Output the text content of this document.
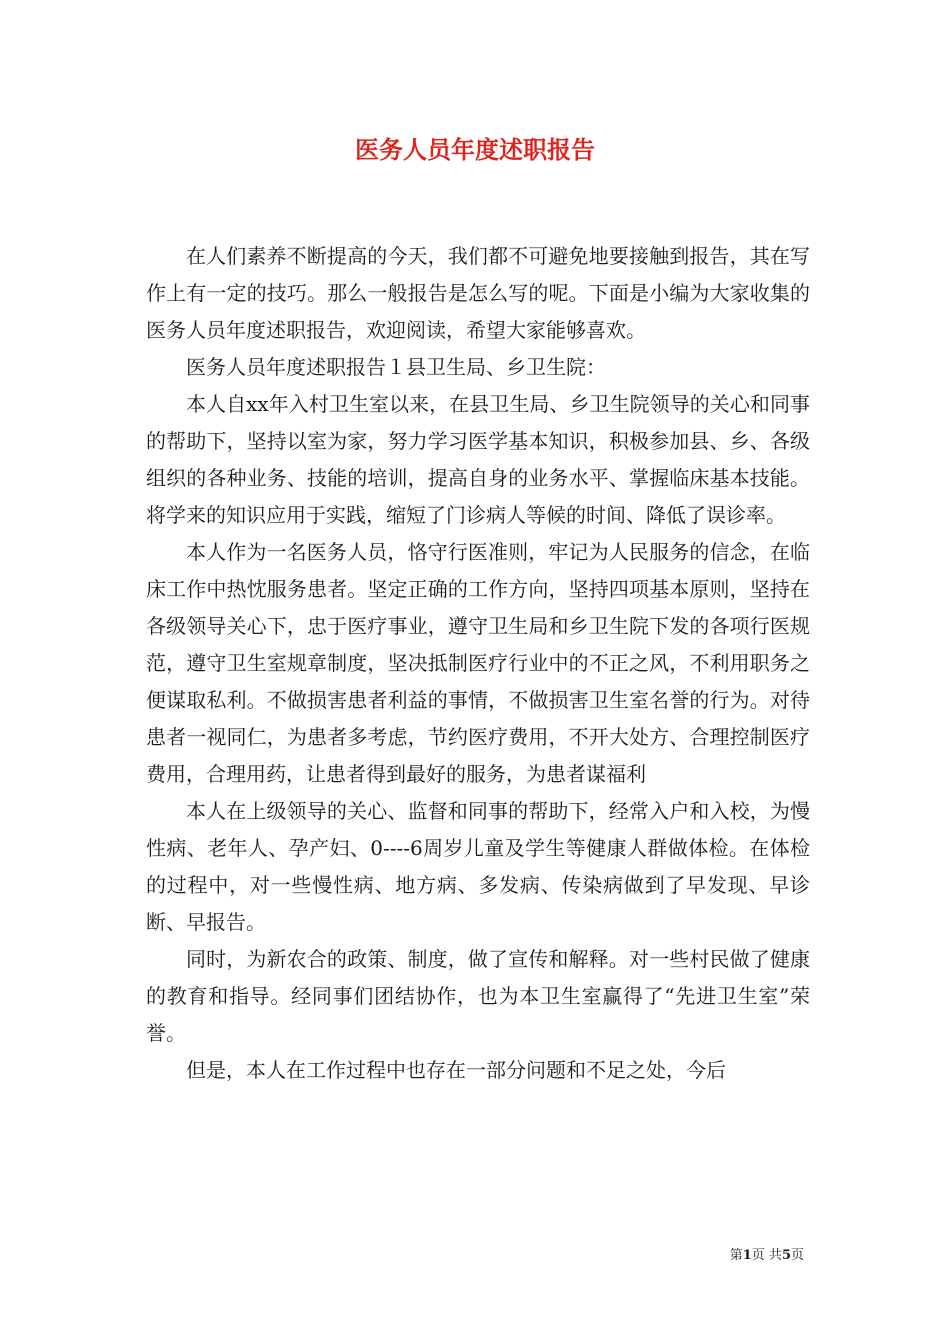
医务人员年度述职报告

在人们素养不断提高的今天，我们都不可避免地要接触到报告，其在写作上有一定的技巧。那么一般报告是怎么写的呢。下面是小编为大家收集的医务人员年度述职报告，欢迎阅读，希望大家能够喜欢。

医务人员年度述职报告１县卫生局、乡卫生院：

本人自xx年入村卫生室以来，在县卫生局、乡卫生院领导的关心和同事的帮助下，坚持以室为家，努力学习医学基本知识，积极参加县、乡、各级组织的各种业务、技能的培训，提高自身的业务水平、掌握临床基本技能。将学来的知识应用于实践，缩短了门诊病人等候的时间、降低了误诊率。

本人作为一名医务人员，恪守行医准则，牢记为人民服务的信念，在临床工作中热忱服务患者。坚定正确的工作方向，坚持四项基本原则，坚持在各级领导关心下，忠于医疗事业，遵守卫生局和乡卫生院下发的各项行医规范，遵守卫生室规章制度，坚决抵制医疗行业中的不正之风，不利用职务之便谋取私利。不做损害患者利益的事情，不做损害卫生室名誉的行为。对待患者一视同仁，为患者多考虑，节约医疗费用，不开大处方、合理控制医疗费用，合理用药，让患者得到最好的服务，为患者谋福利

本人在上级领导的关心、监督和同事的帮助下，经常入户和入校，为慢性病、老年人、孕产妇、0----6周岁儿童及学生等健康人群做体检。在体检的过程中，对一些慢性病、地方病、多发病、传染病做到了早发现、早诊断、早报告。

同时，为新农合的政策、制度，做了宣传和解释。对一些村民做了健康的教育和指导。经同事们团结协作，也为本卫生室赢得了“先进卫生室”荣誉。

但是，本人在工作过程中也存在一部分问题和不足之处，今后

第1页 共5页
